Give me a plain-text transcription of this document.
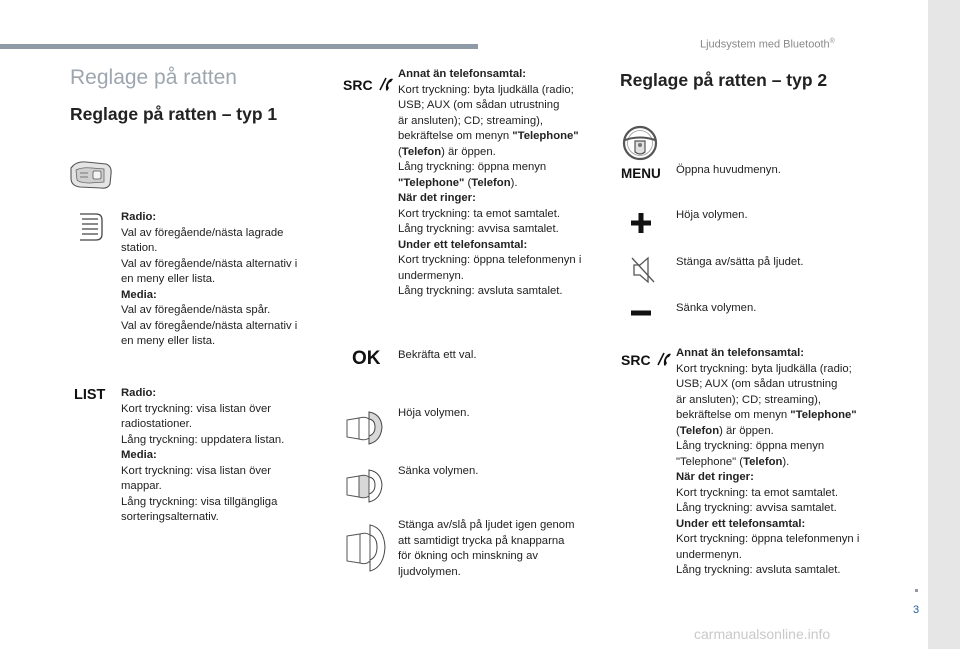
Ljudsystem med Bluetooth®
Reglage på ratten
Reglage på ratten – typ 1
Radio:
Val av föregående/nästa lagrade
station.
Val av föregående/nästa alternativ i
en meny eller lista.
Media:
Val av föregående/nästa spår.
Val av föregående/nästa alternativ i
en meny eller lista.
LIST Radio:
Kort tryckning: visa listan över
radiostationer.
Lång tryckning: uppdatera listan.
Media:
Kort tryckning: visa listan över
mappar.
Lång tryckning: visa tillgängliga
sorteringsalternativ.
SRC
Annat än telefonsamtal:
Kort tryckning: byta ljudkälla (radio;
USB; AUX (om sådan utrustning
är ansluten); CD; streaming),
bekräftelse om menyn "Telephone"
(Telefon) är öppen.
Lång tryckning: öppna menyn
"Telephone" (Telefon).
När det ringer:
Kort tryckning: ta emot samtalet.
Lång tryckning: avvisa samtalet.
Under ett telefonsamtal:
Kort tryckning: öppna telefonmenyn i
undermenyn.
Lång tryckning: avsluta samtalet.
OK Bekräfta ett val.
Höja volymen.
Sänka volymen.
Stänga av/slå på ljudet igen genom
att samtidigt trycka på knapparna
för ökning och minskning av
ljudvolymen.
Reglage på ratten – typ 2
MENU Öppna huvudmenyn.
Höja volymen.
Stänga av/sätta på ljudet.
Sänka volymen.
SRC	Annat än telefonsamtal:
Kort tryckning: byta ljudkälla (radio;
USB; AUX (om sådan utrustning
är ansluten); CD; streaming),
bekräftelse om menyn "Telephone"
(Telefon) är öppen.
Lång tryckning: öppna menyn
"Telephone" (Telefon).
När det ringer:
Kort tryckning: ta emot samtalet.
Lång tryckning: avvisa samtalet.
Under ett telefonsamtal:
Kort tryckning: öppna telefonmenyn i
undermenyn.
Lång tryckning: avsluta samtalet.
3
carmanualsonline.info
